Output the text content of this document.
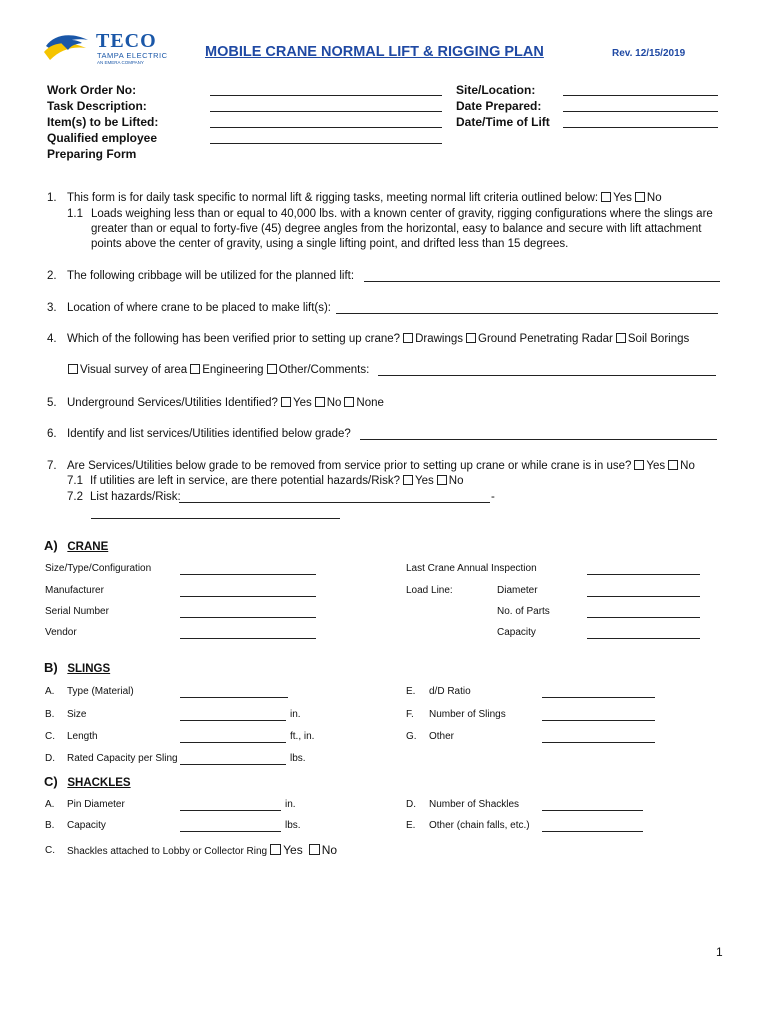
TECO
TAMPA ELECTRIC
AN EMERA COMPANY
MOBILE CRANE NORMAL LIFT & RIGGING PLAN	Rev. 12/15/2019
Work Order No:
Task Description:
Item(s) to be Lifted:
Qualified employee
Preparing Form
Site/Location:
Date Prepared:
Date/Time of Lift
1. This form is for daily task specific to normal lift & rigging tasks, meeting normal lift criteria outlined below: Yes No
1.1 Loads weighing less than or equal to 40,000 lbs. with a known center of gravity, rigging configurations where the slings are
greater than or equal to forty-five (45) degree angles from the horizontal, easy to balance and secure with lift attachment
points above the center of gravity, using a single lifting point, and drifted less than 15 degrees.
2. The following cribbage will be utilized for the planned lift:
3. Location of where crane to be placed to make lift(s):
4. Which of the following has been verified prior to setting up crane? Drawings Ground Penetrating Radar Soil Borings
Visual survey of area Engineering Other/Comments:
5. Underground Services/Utilities Identified? Yes No None
6. Identify and list services/Utilities identified below grade?
7. Are Services/Utilities below grade to be removed from service prior to setting up crane or while crane is in use? Yes No
7.1 If utilities are left in service, are there potential hazards/Risk? Yes No
7.2 List hazards/Risk:	-
A) CRANE
Size/Type/Configuration
Manufacturer
Serial Number
Vendor
Last Crane Annual Inspection
Load Line:	Diameter
No. of Parts
Capacity
B) SLINGS
A. Type (Material)
B. Size	in.
C. Length	ft., in.
D. Rated Capacity per Sling	lbs.
E. d/D Ratio
F. Number of Slings
G. Other
C) SHACKLES
A. Pin Diameter	in.
B. Capacity	lbs.
D. Number of Shackles
E. Other (chain falls, etc.)
C. Shackles attached to Lobby or Collector Ring Yes No
1
